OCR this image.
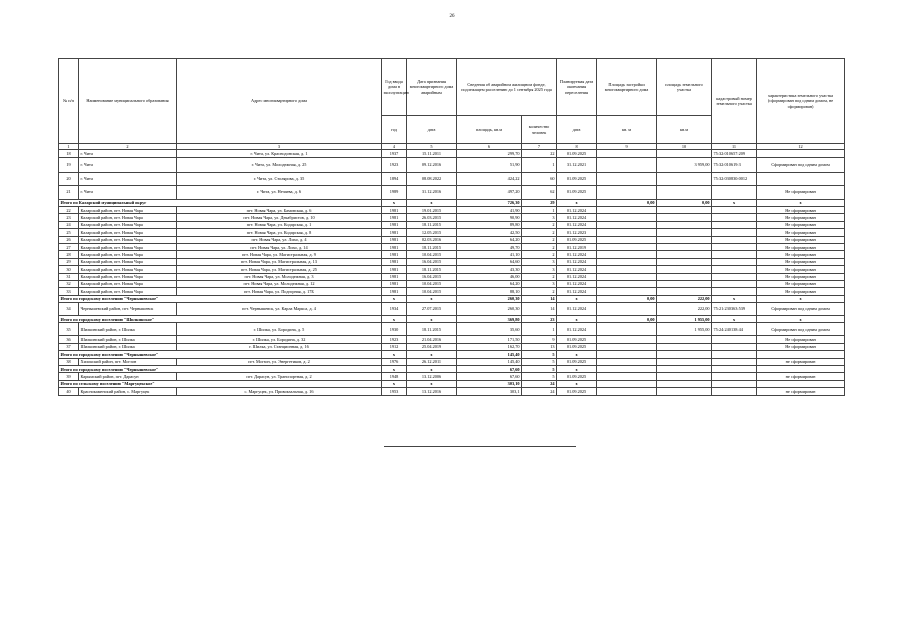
26
№ п/п	Наименование муниципального образования	Адрес многоквартирного дома	Год ввода дома в эксплуатацию	Дата признания многоквартирного дома аварийным	Сведения об аварийном жилищном фонде, подлежащем расселению до 1 сентября 2025 года		Планируемая дата окончания переселения	Площадь застройки многоквартирного дома	площадь земельного участка	кадастровый номер земельного участка	характеристика земельного участка (сформирован под одним домом, не сформирован)
			год	дата	площадь, кв.м	количество человек	дата	кв. м	кв.м		
1	2	3	4	5	6	7	8	9	10	11	12
18	г. Чита	г. Чита, ул. Краснодонская, д. 1	1937	15.11.2011	299,70	22	01.09.2025			75:32:010657:209	
19	г. Чита	г. Чита, ул. Молодежная, д. 25	1923	09.12.2016	51,90	1	31.12.2021		3 959,00	75:32:010619:3	Сформирован под одним домом
20	г. Чита	г. Чита, ул. Столярова, д. 35	1894	08.08.2022	424,22	60	01.09.2025			75:32:030830:0012	
21	г. Чита	г. Чита, ул. Нечаева, д. 6	1989	31.12.2016	497,20	62	01.09.2025				Не сформирован
Итого по Каларский муниципальный округ			х	х	726,30	29	х	0,00	0,00	х	х
22	Каларский район, пгт. Новая Чара	пгт. Новая Чара, ул. Бамовская, д. 6	1981	19.01.2015	41,90	1	01.12.2024				Не сформирован
23	Каларский район, пгт. Новая Чара	пгт. Новая Чара, ул. Декабристов, д. 10	1981	26.03.2015	90,90	3	01.12.2024				Не сформирован
24	Каларский район, пгт. Новая Чара	пгт. Новая Чара, ул. Кодарская, д. 1	1981	18.11.2015	89,80	2	01.12.2024				Не сформирован
25	Каларский район, пгт. Новая Чара	пгт. Новая Чара, ул. Кодарская, д. 8	1981	12.05.2015	42,50	2	01.12.2023				Не сформирован
26	Каларский район, пгт. Новая Чара	пгт. Новая Чара, ул. Лихо, д. 4	1981	02.03.2016	64,20	2	01.09.2025				Не сформирован
27	Каларский район, пгт. Новая Чара	пгт. Новая Чара, ул. Лихо, д. 14	1981	18.11.2015	49,70	2	01.12.2019				Не сформирован
28	Каларский район, пгт. Новая Чара	пгт. Новая Чара, ул. Магистральная, д. 9	1981	10.04.2015	41,10	2	01.12.2024				Не сформирован
29	Каларский район, пгт. Новая Чара	пгт. Новая Чара, ул. Магистральная, д. 13	1981	16.04.2015	64,60	3	01.12.2024				Не сформирован
30	Каларский район, пгт. Новая Чара	пгт. Новая Чара, ул. Магистральная, д. 25	1981	18.11.2015	43,30	3	01.12.2024				Не сформирован
31	Каларский район, пгт. Новая Чара	пгт. Новая Чара, ул. Молодежная, д. 3	1981	16.04.2015	46,00	2	01.12.2024				Не сформирован
32	Каларский район, пгт. Новая Чара	пгт. Новая Чара, ул. Молодежная, д. 12	1981	10.04.2015	64,20	3	01.12.2024				Не сформирован
33	Каларский район, пгт. Новая Чара	пгт. Новая Чара, ул. Подгорная, д. 17Б	1981	10.04.2015	88,10	2	01.12.2024				Не сформирован
Итого по городскому поселению "Чернышевское"			х	х	260,30	14	х	0,00	222,00	х	х
34	Чернышевский район, пгт. Чернышевск	пгт. Чернышевск, ул. Карла Маркса, д. 4	1934	27.07.2015	260,30	14	01.12.2024		222,00	75:21:230363:539	Сформирован под одним домом
Итого по городскому поселению "Шилкинское"			х	х	369,80	23	х	0,00	1 955,00	х	х
35	Шилкинский район, г. Шилка	г. Шилка, ул. Бородина, д. 5	1930	18.11.2015	35,60	1	01.12.2024		1 955,00	75:24:240138:44	Сформирован под одним домом
36	Шилкинский район, г. Шилка	г. Шилка, ул. Бородина, д. 32	1923	21.04.2016	171,50	9	01.09.2025				Не сформирован
37	Шилкинский район, г. Шилка	г. Шилка, ул. Станционная, д. 16	1912	25.04.2019	162,70	13	01.09.2025				Не сформирован
Итого по городскому поселению "Чернышевское"			х	х	145,40	5	х				
38	Хилокский район, пгт. Могзон	пгт. Могзон, ул. Энергетиков, д. 2	1976	26.12.2011	145,40	5	01.09.2025				не сформирован
Итого по городскому поселению "Чернышевское"			х	х	67,60	5	х				
39	Карымский район, пгт. Дарасун	пгт. Дарасун, ул. Транспортная, д. 2	1948	13.12.2006	67,60	5	01.09.2025				не сформирован
Итого по сельскому поселению "Маргуцекское"			х	х	303,10	24	х				
40	Краснокаменский район, с. Маргуцек	с. Маргуцек, ул. Привокзальная, д. 16	1953	13.12.2016	303,1	24	01.09.2025				не сформирован
